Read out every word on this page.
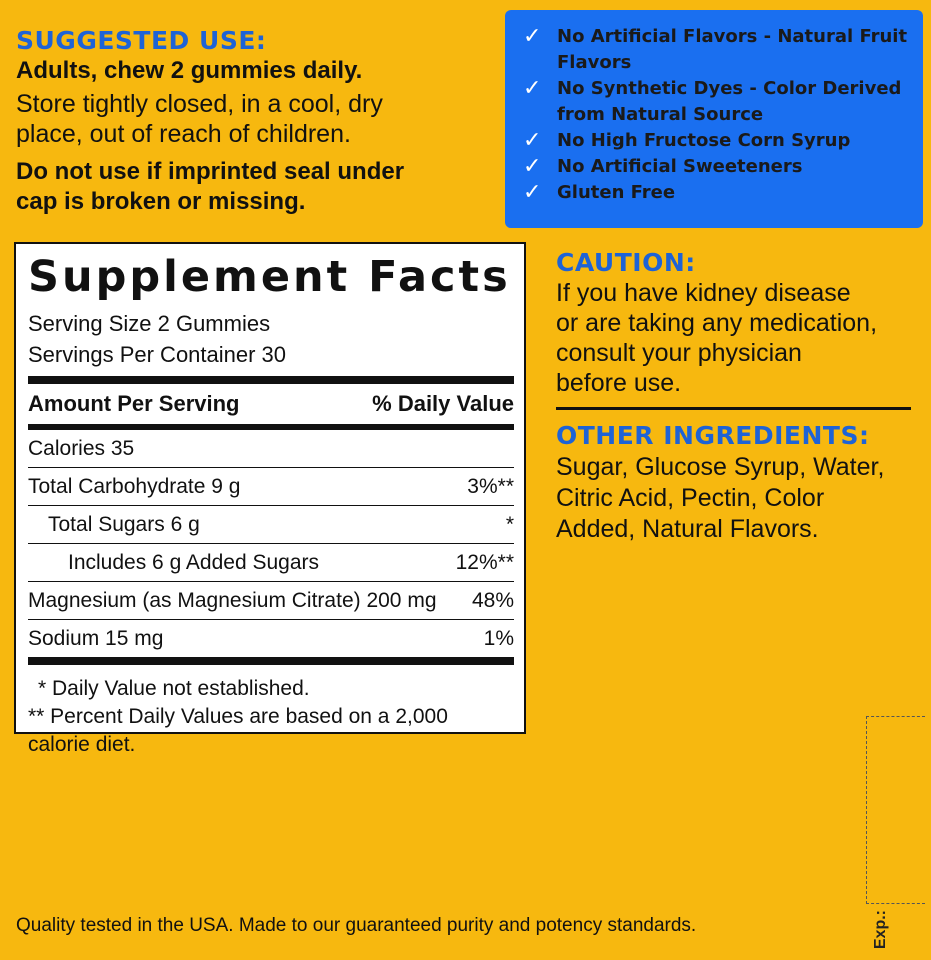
SUGGESTED USE:
Adults, chew 2 gummies daily.
Store tightly closed, in a cool, dry
place, out of reach of children.
Do not use if imprinted seal under
cap is broken or missing.
✓ No Artificial Flavors - Natural Fruit Flavors
✓ No Synthetic Dyes - Color Derived from Natural Source
✓ No High Fructose Corn Syrup
✓ No Artificial Sweeteners
✓ Gluten Free
Supplement Facts
Serving Size 2 Gummies
Servings Per Container 30
Amount Per Serving	% Daily Value
Calories 35
Total Carbohydrate 9 g	3%**
Total Sugars 6 g	*
Includes 6 g Added Sugars	12%**
Magnesium (as Magnesium Citrate) 200 mg 48%
Sodium 15 mg	1%
* Daily Value not established.
** Percent Daily Values are based on a 2,000 calorie diet.
CAUTION:
If you have kidney disease
or are taking any medication,
consult your physician
before use.
OTHER INGREDIENTS:
Sugar, Glucose Syrup, Water,
Citric Acid, Pectin, Color
Added, Natural Flavors.
Exp.:
Quality tested in the USA. Made to our guaranteed purity and potency standards.
